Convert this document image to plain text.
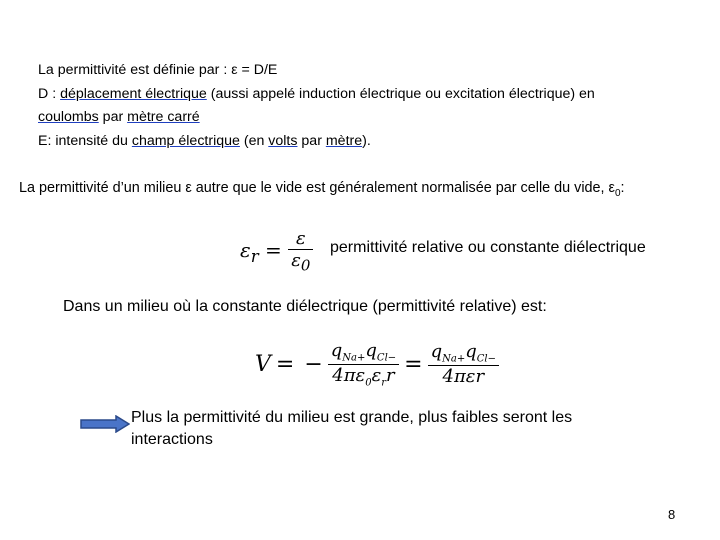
La permittivité est définie par : ε = D/E

D : déplacement électrique (aussi appelé induction électrique ou excitation électrique) en

coulombs par mètre carré

E: intensité du champ électrique (en volts par mètre).

La permittivité d’un milieu ε autre que le vide est généralement normalisée par celle du vide, $\varepsilon_0$:
$\varepsilon_r = \frac{\varepsilon}{\varepsilon_0}$ permittivité relative ou constante diélectrique
Dans un milieu où la constante diélectrique (permittivité relative) est:
V = − $\frac{q_{Na+}q_{Cl-}}{4\pi\varepsilon_0\varepsilon_rr} = \frac{q_{Na+}q_{Cl-}}{\text{4πεr}}$
Plus la permittivité du milieu est grande, plus faibles seront les interactions
8
